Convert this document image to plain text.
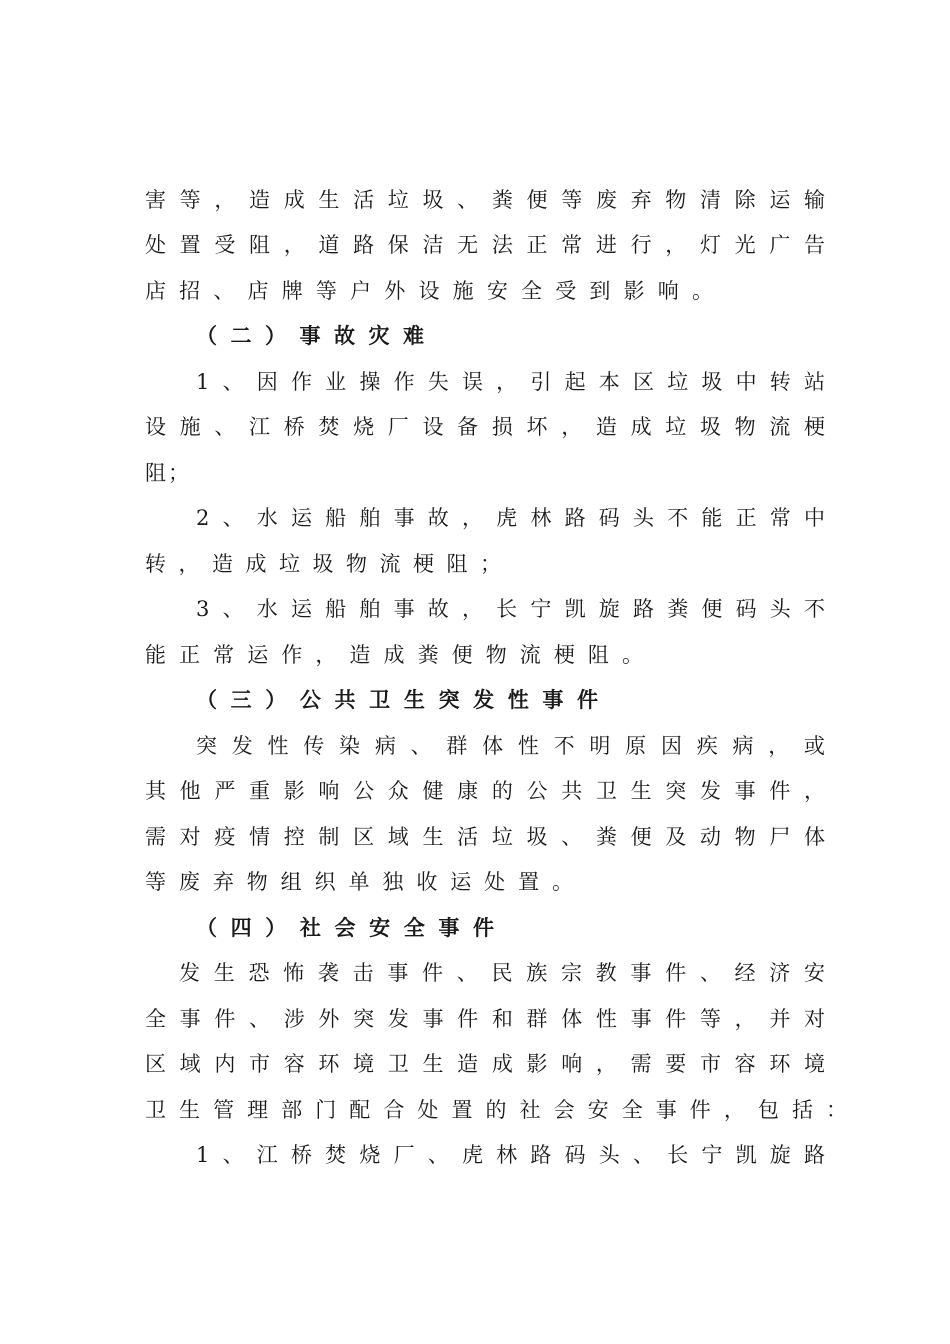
害等，造成生活垃圾、粪便等废弃物清除运输
处置受阻，道路保洁无法正常进行，灯光广告
店招、店牌等户外设施安全受到影响。
（二）事故灾难
1、因作业操作失误，引起本区垃圾中转站
设施、江桥焚烧厂设备损坏，造成垃圾物流梗
阻；
2、水运船舶事故，虎林路码头不能正常中
转，造成垃圾物流梗阻；
3、水运船舶事故，长宁凯旋路粪便码头不
能正常运作，造成粪便物流梗阻。
（三）公共卫生突发性事件
突发性传染病、群体性不明原因疾病，或
其他严重影响公众健康的公共卫生突发事件，
需对疫情控制区域生活垃圾、粪便及动物尸体
等废弃物组织单独收运处置。
（四）社会安全事件
发生恐怖袭击事件、民族宗教事件、经济安
全事件、涉外突发事件和群体性事件等，并对
区域内市容环境卫生造成影响，需要市容环境
卫生管理部门配合处置的社会安全事件，包括：
1、江桥焚烧厂、虎林路码头、长宁凯旋路
